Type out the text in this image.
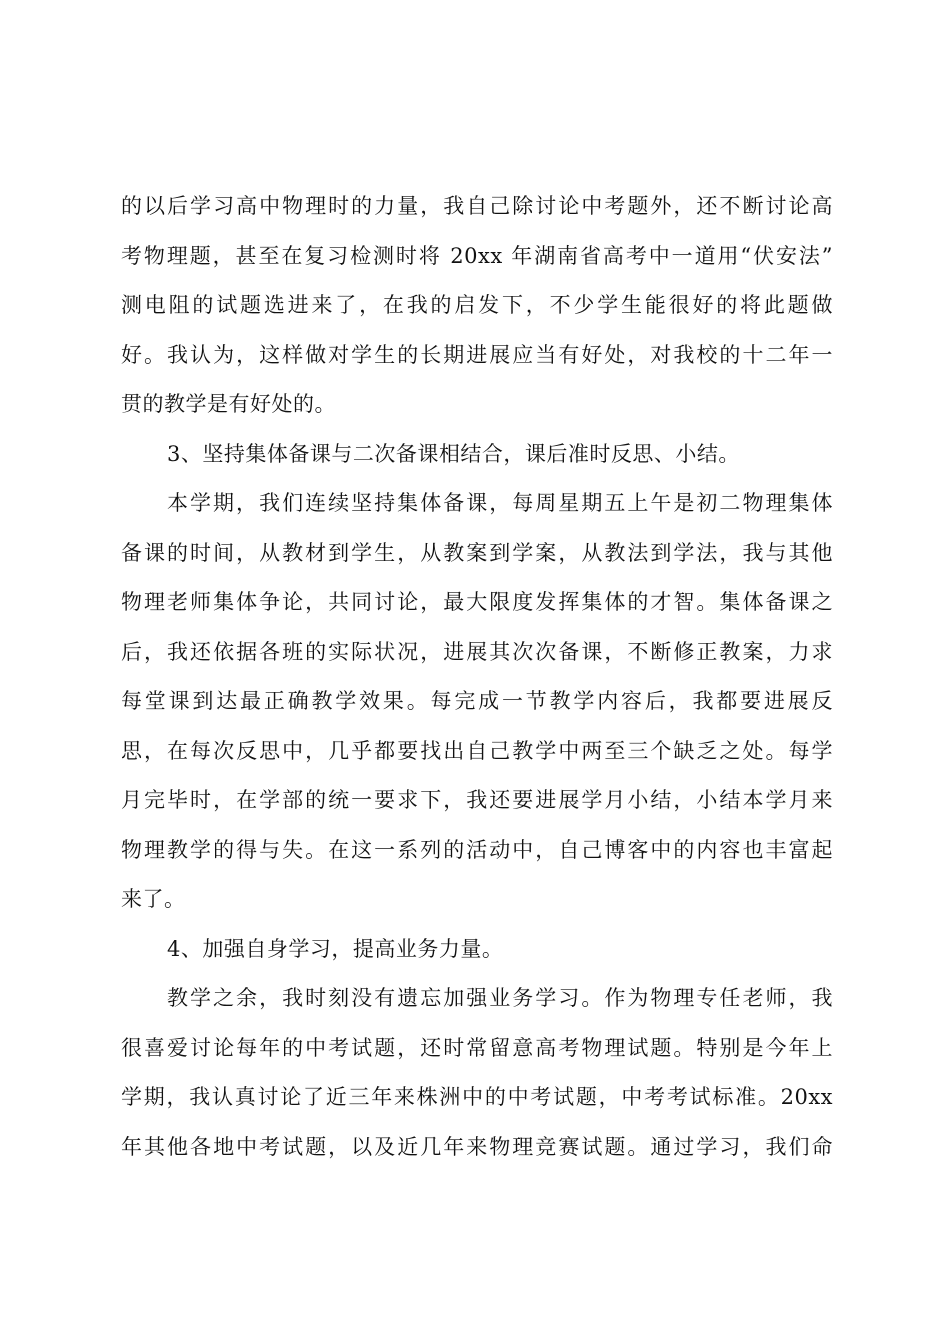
的以后学习高中物理时的力量，我自己除讨论中考题外，还不断讨论高
考物理题，甚至在复习检测时将 20xx 年湖南省高考中一道用“伏安法”
测电阻的试题选进来了，在我的启发下，不少学生能很好的将此题做
好。我认为，这样做对学生的长期进展应当有好处，对我校的十二年一
贯的教学是有好处的。

3、坚持集体备课与二次备课相结合，课后准时反思、小结。

本学期，我们连续坚持集体备课，每周星期五上午是初二物理集体
备课的时间，从教材到学生，从教案到学案，从教法到学法，我与其他
物理老师集体争论，共同讨论，最大限度发挥集体的才智。集体备课之
后，我还依据各班的实际状况，进展其次次备课，不断修正教案，力求
每堂课到达最正确教学效果。每完成一节教学内容后，我都要进展反
思，在每次反思中，几乎都要找出自己教学中两至三个缺乏之处。每学
月完毕时，在学部的统一要求下，我还要进展学月小结，小结本学月来
物理教学的得与失。在这一系列的活动中，自己博客中的内容也丰富起
来了。

4、加强自身学习，提高业务力量。

教学之余，我时刻没有遗忘加强业务学习。作为物理专任老师，我
很喜爱讨论每年的中考试题，还时常留意高考物理试题。特别是今年上
学期，我认真讨论了近三年来株洲中的中考试题，中考考试标准。20xx
年其他各地中考试题，以及近几年来物理竞赛试题。通过学习，我们命
